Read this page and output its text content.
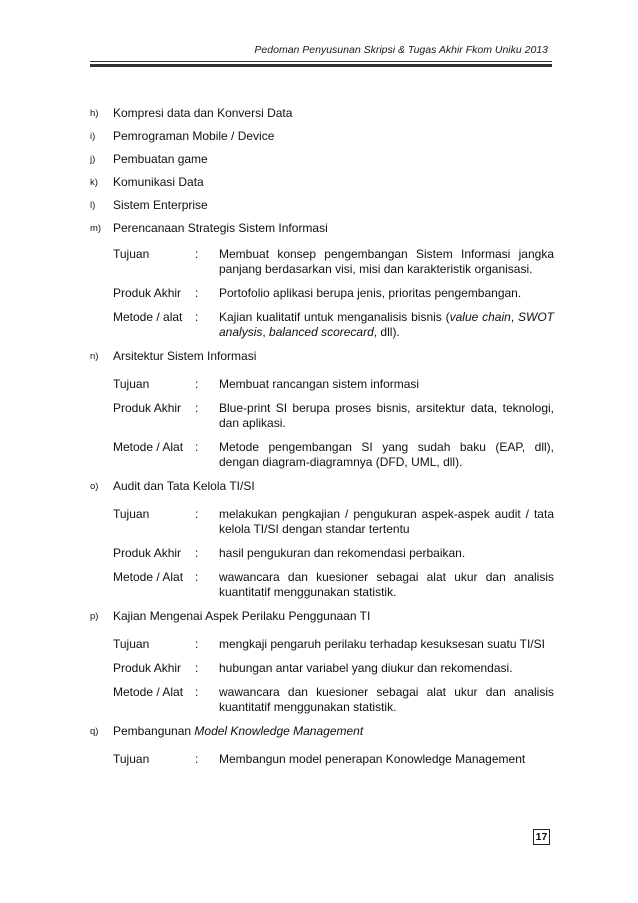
Pedoman Penyusunan Skripsi & Tugas Akhir Fkom Uniku 2013
h)	Kompresi data dan Konversi Data
i)	Pemrograman Mobile / Device
j)	Pembuatan game
k)	Komunikasi Data
l)	Sistem Enterprise
m) Perencanaan Strategis Sistem Informasi
Tujuan	:	Membuat konsep pengembangan Sistem Informasi jangka panjang berdasarkan visi, misi dan karakteristik organisasi.
Produk Akhir	:	Portofolio aplikasi berupa jenis, prioritas pengembangan.
Metode / alat	:	Kajian kualitatif untuk menganalisis bisnis (value chain, SWOT analysis, balanced scorecard, dll).
n)	Arsitektur Sistem Informasi
Tujuan	:	Membuat rancangan sistem informasi
Produk Akhir	:	Blue-print SI berupa proses bisnis, arsitektur data, teknologi, dan aplikasi.
Metode / Alat :	Metode pengembangan SI yang sudah baku (EAP, dll), dengan diagram-diagramnya (DFD, UML, dll).
o)	Audit dan Tata Kelola TI/SI
Tujuan	:	melakukan pengkajian / pengukuran aspek-aspek audit / tata kelola TI/SI dengan standar tertentu
Produk Akhir	:	hasil pengukuran dan rekomendasi perbaikan.
Metode / Alat :	wawancara dan kuesioner sebagai alat ukur dan analisis kuantitatif menggunakan statistik.
p)	Kajian Mengenai Aspek Perilaku Penggunaan TI
Tujuan	:	mengkaji pengaruh perilaku terhadap kesuksesan suatu TI/SI
Produk Akhir	:	hubungan antar variabel yang diukur dan rekomendasi.
Metode / Alat :	wawancara dan kuesioner sebagai alat ukur dan analisis kuantitatif menggunakan statistik.
q)	Pembangunan Model Knowledge Management
Tujuan	:	Membangun model penerapan Konowledge Management
17
